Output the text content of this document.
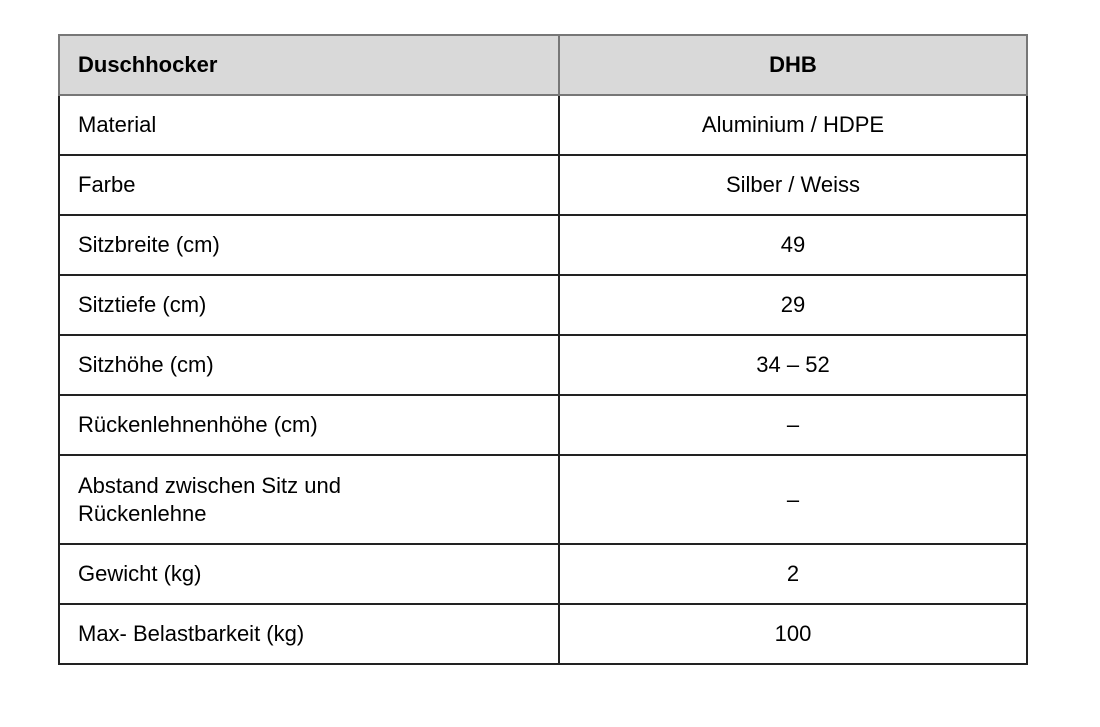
Duschhocker	DHB
Material	Aluminium / HDPE
Farbe	Silber / Weiss
Sitzbreite (cm)	49
Sitztiefe (cm)	29
Sitzhöhe (cm)	34 – 52
Rückenlehnenhöhe (cm)	–

Abstand zwischen Sitz und Rückenlehne	–
Gewicht (kg)	2
Max- Belastbarkeit (kg)	100
